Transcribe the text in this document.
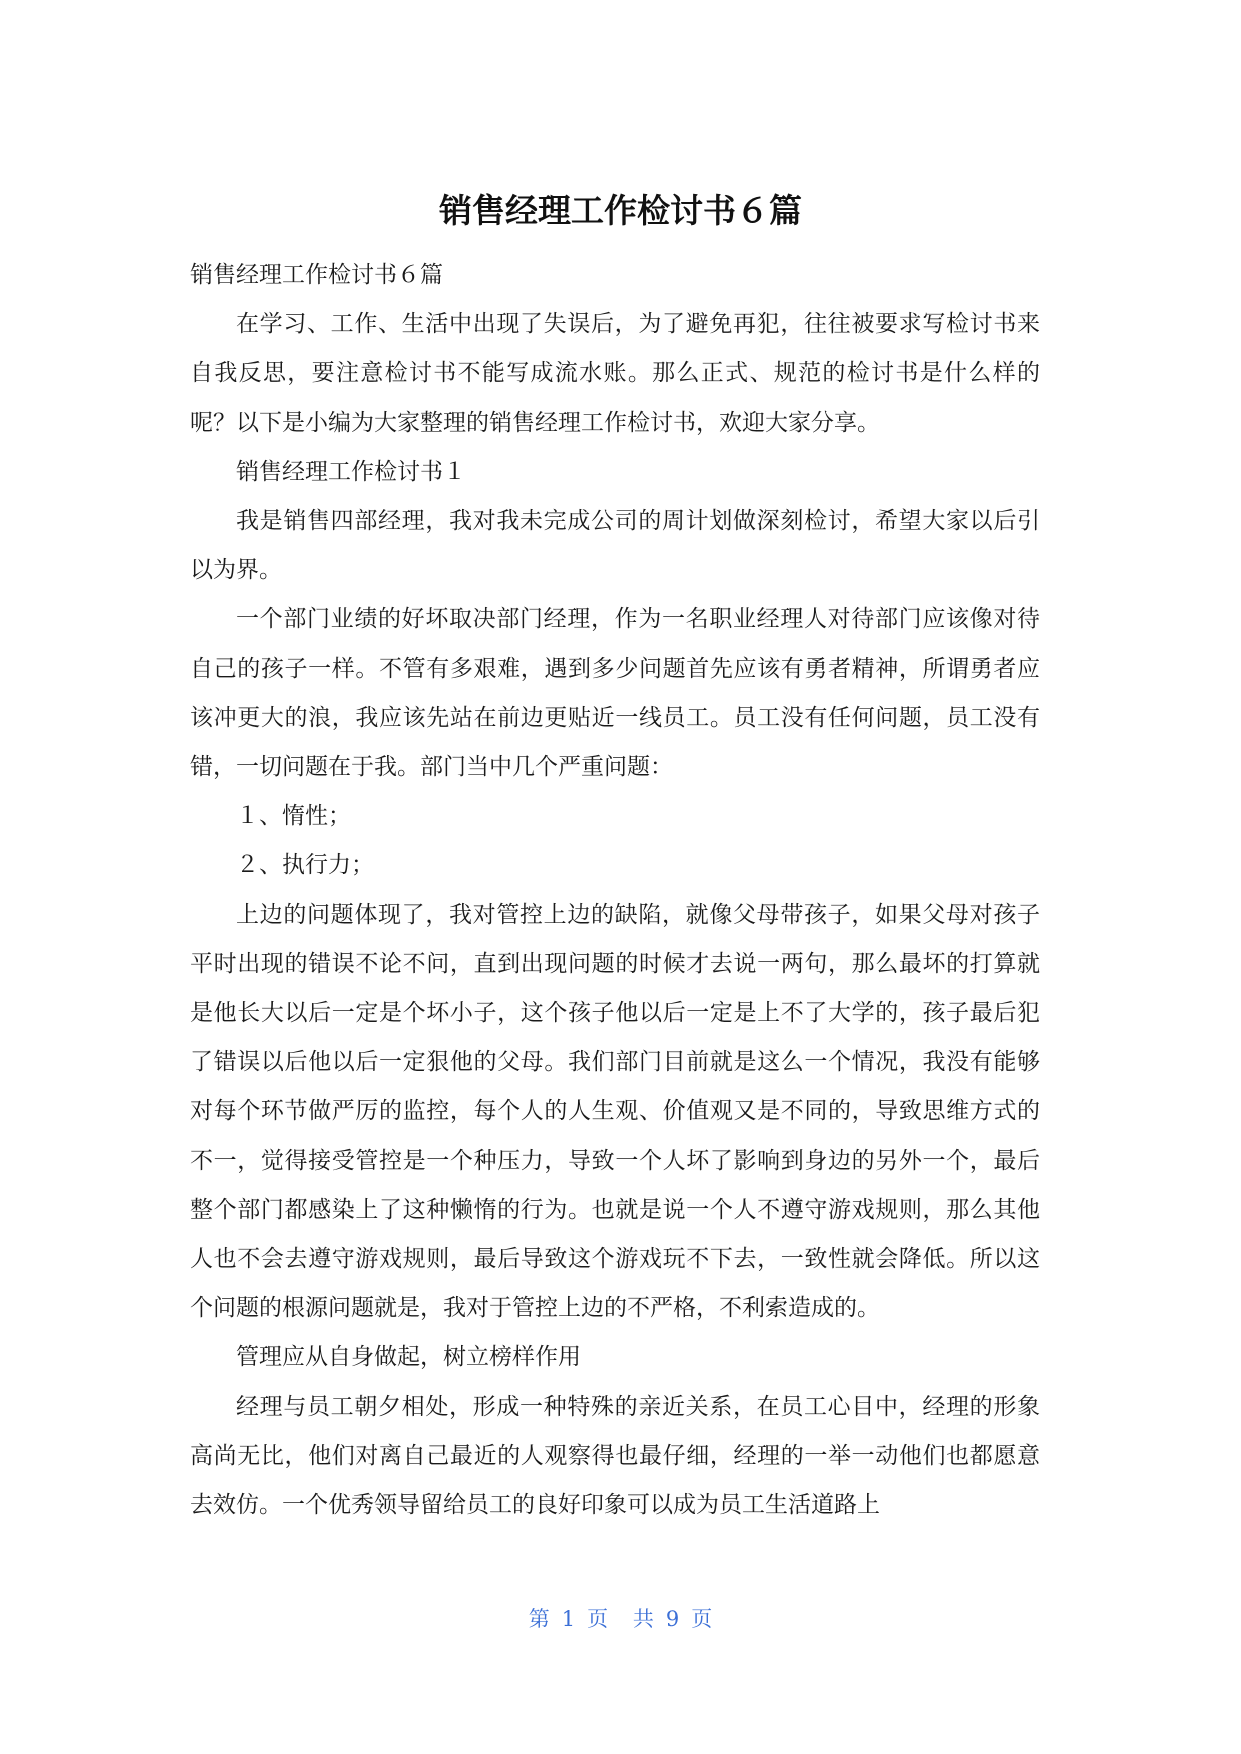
销售经理工作检讨书６篇

销售经理工作检讨书６篇

在学习、工作、生活中出现了失误后，为了避免再犯，往往被要求写检讨书来自我反思，要注意检讨书不能写成流水账。那么正式、规范的检讨书是什么样的呢？以下是小编为大家整理的销售经理工作检讨书，欢迎大家分享。

销售经理工作检讨书１

我是销售四部经理，我对我未完成公司的周计划做深刻检讨，希望大家以后引以为界。

一个部门业绩的好坏取决部门经理，作为一名职业经理人对待部门应该像对待自己的孩子一样。不管有多艰难，遇到多少问题首先应该有勇者精神，所谓勇者应该冲更大的浪，我应该先站在前边更贴近一线员工。员工没有任何问题，员工没有错，一切问题在于我。部门当中几个严重问题：

１、惰性；

２、执行力；

上边的问题体现了，我对管控上边的缺陷，就像父母带孩子，如果父母对孩子平时出现的错误不论不问，直到出现问题的时候才去说一两句，那么最坏的打算就是他长大以后一定是个坏小子，这个孩子他以后一定是上不了大学的，孩子最后犯了错误以后他以后一定狠他的父母。我们部门目前就是这么一个情况，我没有能够对每个环节做严厉的监控，每个人的人生观、价值观又是不同的，导致思维方式的不一，觉得接受管控是一个种压力，导致一个人坏了影响到身边的另外一个，最后整个部门都感染上了这种懒惰的行为。也就是说一个人不遵守游戏规则，那么其他人也不会去遵守游戏规则，最后导致这个游戏玩不下去，一致性就会降低。所以这个问题的根源问题就是，我对于管控上边的不严格，不利索造成的。

管理应从自身做起，树立榜样作用

经理与员工朝夕相处，形成一种特殊的亲近关系，在员工心目中，经理的形象高尚无比，他们对离自己最近的人观察得也最仔细，经理的一举一动他们也都愿意去效仿。一个优秀领导留给员工的良好印象可以成为员工生活道路上

第 1 页 共 9 页
